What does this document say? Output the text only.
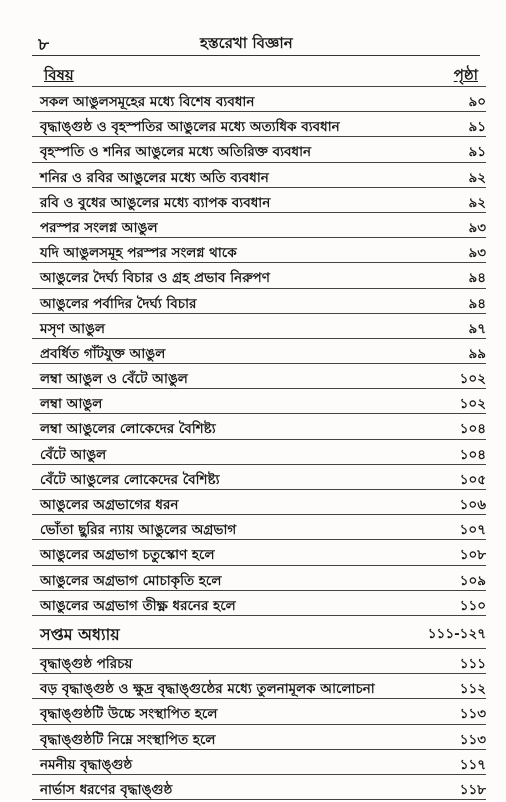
৮	হস্তরেখা বিজ্ঞান
বিষয়	পৃষ্ঠা
সকল আঙুলসমূহের মধ্যে বিশেষ ব্যবধান	৯০
বৃদ্ধাঙ্গুষ্ঠ ও বৃহস্পতির আঙুলের মধ্যে অত্যধিক ব্যবধান	৯১
বৃহস্পতি ও শনির আঙুলের মধ্যে অতিরিক্ত ব্যবধান	৯১
শনির ও রবির আঙুলের মধ্যে অতি ব্যবধান	৯২
রবি ও বুধের আঙুলের মধ্যে ব্যাপক ব্যবধান	৯২
পরস্পর সংলগ্ন আঙুল	৯৩
যদি আঙুলসমূহ পরস্পর সংলগ্ন থাকে	৯৩
আঙুলের দৈর্ঘ্য বিচার ও গ্রহ প্রভাব নিরুপণ	৯৪
আঙুলের পর্বাদির দৈর্ঘ্য বিচার	৯৪
মসৃণ আঙুল	৯৭
প্রবর্ধিত গাঁটযুক্ত আঙুল	৯৯
লম্বা আঙুল ও বেঁটে আঙুল	১০২
লম্বা আঙুল	১০২
লম্বা আঙুলের লোকেদের বৈশিষ্ট্য	১০৪
বেঁটে আঙুল	১০৪
বেঁটে আঙুলের লোকেদের বৈশিষ্ট্য	১০৫
আঙুলের অগ্রভাগের ধরন	১০৬
ভোঁতা ছুরির ন্যায় আঙুলের অগ্রভাগ	১০৭
আঙুলের অগ্রভাগ চতুস্কোণ হলে	১০৮
আঙুলের অগ্রভাগ মোচাকৃতি হলে	১০৯
আঙুলের অগ্রভাগ তীক্ষ্ণ ধরনের হলে	১১০
সপ্তম অধ্যায়	১১১-১২৭
বৃদ্ধাঙ্গুষ্ঠ পরিচয়	১১১
বড় বৃদ্ধাঙ্গুষ্ঠ ও ক্ষুদ্র বৃদ্ধাঙ্গুষ্ঠের মধ্যে তুলনামূলক আলোচনা	১১২
বৃদ্ধাঙ্গুষ্ঠটি উচ্চে সংস্থাপিত হলে	১১৩
বৃদ্ধাঙ্গুষ্ঠটি নিম্নে সংস্থাপিত হলে	১১৩
নমনীয় বৃদ্ধাঙ্গুষ্ঠ	১১৭
নার্ভাস ধরণের বৃদ্ধাঙ্গুষ্ঠ	১১৮
